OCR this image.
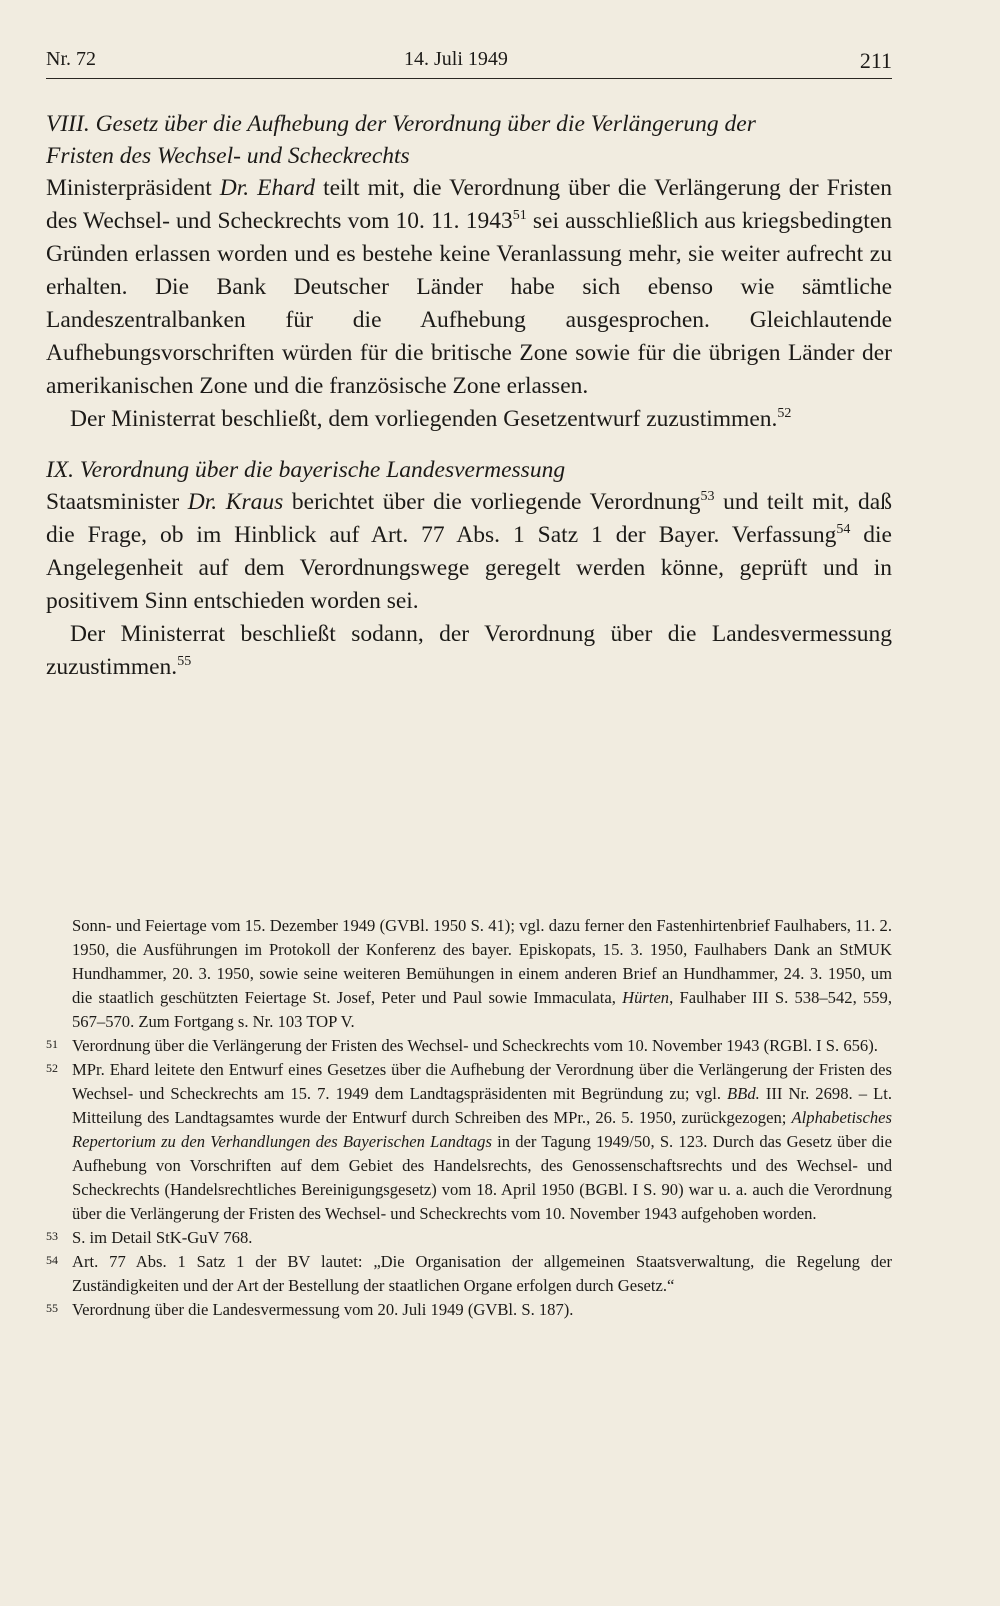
Nr. 72	14. Juli 1949	211

VIII. Gesetz über die Aufhebung der Verordnung über die Verlängerung der
Fristen des Wechsel- und Scheckrechts

Ministerpräsident Dr. Ehard teilt mit, die Verordnung über die Verlängerung der Fristen des Wechsel- und Scheckrechts vom 10. 11. 1943$^{51}$ sei ausschließlich aus kriegsbedingten Gründen erlassen worden und es bestehe keine Veranlassung mehr, sie weiter aufrecht zu erhalten. Die Bank Deutscher Länder habe sich ebenso wie sämtliche Landeszentralbanken für die Aufhebung ausgesprochen. Gleichlautende Aufhebungsvorschriften würden für die britische Zone sowie für die übrigen Länder der amerikanischen Zone und die französische Zone erlassen.

Der Ministerrat beschließt, dem vorliegenden Gesetzentwurf zuzustimmen.$^{52}$

IX. Verordnung über die bayerische Landesvermessung

Staatsminister Dr. Kraus berichtet über die vorliegende Verordnung$^{53}$ und teilt mit, daß die Frage, ob im Hinblick auf Art. 77 Abs. 1 Satz 1 der Bayer. Verfassung$^{54}$ die Angelegenheit auf dem Verordnungswege geregelt werden könne, geprüft und in positivem Sinn entschieden worden sei.

Der Ministerrat beschließt sodann, der Verordnung über die Landesvermessung zuzustimmen.$^{55}$

Sonn- und Feiertage vom 15. Dezember 1949 (GVBl. 1950 S. 41); vgl. dazu ferner den Fastenhirtenbrief Faulhabers, 11. 2. 1950, die Ausführungen im Protokoll der Konferenz des bayer. Episkopats, 15. 3. 1950, Faulhabers Dank an StMUK Hundhammer, 20. 3. 1950, sowie seine weiteren Bemühungen in einem anderen Brief an Hundhammer, 24. 3. 1950, um die staatlich geschützten Feiertage St. Josef, Peter und Paul sowie Immaculata, Hürten, Faulhaber III S. 538–542, 559, 567–570. Zum Fortgang s. Nr. 103 TOP V.

51 Verordnung über die Verlängerung der Fristen des Wechsel- und Scheckrechts vom 10. November 1943 (RGBl. I S. 656).

52 MPr. Ehard leitete den Entwurf eines Gesetzes über die Aufhebung der Verordnung über die Verlängerung der Fristen des Wechsel- und Scheckrechts am 15. 7. 1949 dem Landtagspräsidenten mit Begründung zu; vgl. BBd. III Nr. 2698. – Lt. Mitteilung des Landtagsamtes wurde der Entwurf durch Schreiben des MPr., 26. 5. 1950, zurückgezogen; Alphabetisches Repertorium zu den Verhandlungen des Bayerischen Landtags in der Tagung 1949/50, S. 123. Durch das Gesetz über die Aufhebung von Vorschriften auf dem Gebiet des Handelsrechts, des Genossenschaftsrechts und des Wechsel- und Scheckrechts (Handelsrechtliches Bereinigungsgesetz) vom 18. April 1950 (BGBl. I S. 90) war u. a. auch die Verordnung über die Verlängerung der Fristen des Wechsel- und Scheckrechts vom 10. November 1943 aufgehoben worden.

53 S. im Detail StK-GuV 768.

54 Art. 77 Abs. 1 Satz 1 der BV lautet: „Die Organisation der allgemeinen Staatsverwaltung, die Regelung der Zuständigkeiten und der Art der Bestellung der staatlichen Organe erfolgen durch Gesetz.“

55 Verordnung über die Landesvermessung vom 20. Juli 1949 (GVBl. S. 187).
